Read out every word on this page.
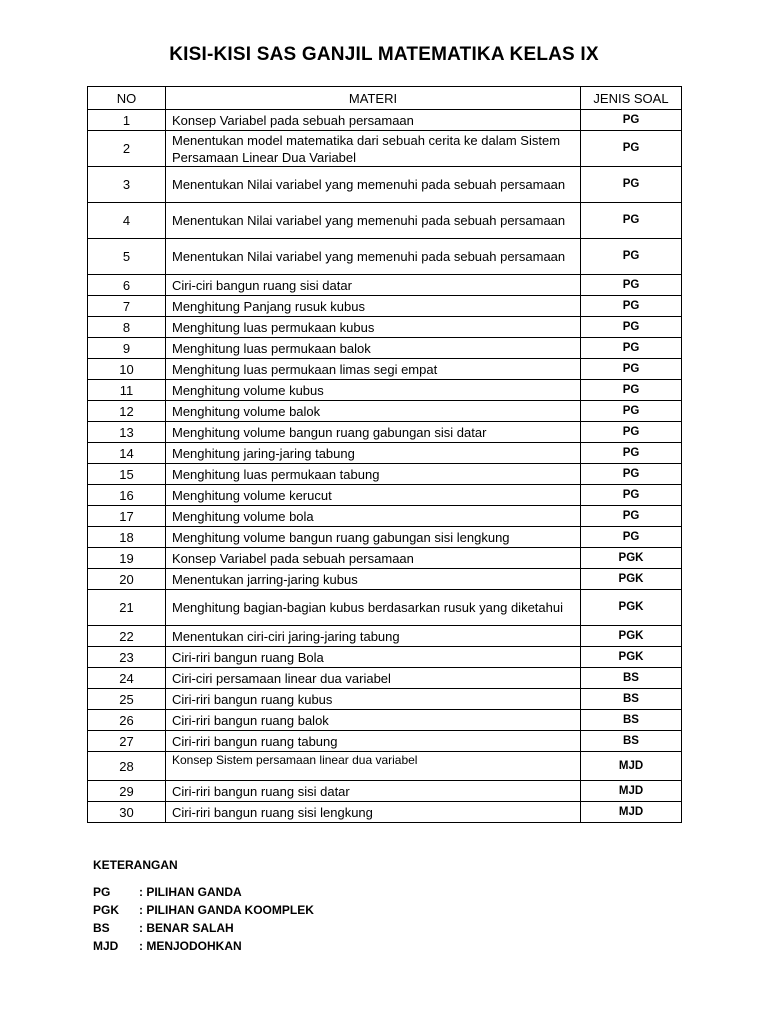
KISI-KISI SAS GANJIL MATEMATIKA KELAS IX
NO	MATERI	JENIS SOAL
1	Konsep Variabel pada sebuah persamaan	PG
2	Menentukan model matematika dari sebuah cerita ke dalam Sistem Persamaan Linear Dua Variabel	PG
3	Menentukan Nilai variabel yang memenuhi pada sebuah persamaan	PG
4	Menentukan Nilai variabel yang memenuhi pada sebuah persamaan	PG
5	Menentukan Nilai variabel yang memenuhi pada sebuah persamaan	PG
6	Ciri-ciri bangun ruang sisi datar	PG
7	Menghitung Panjang rusuk kubus	PG
8	Menghitung luas permukaan kubus	PG
9	Menghitung luas permukaan balok	PG
10	Menghitung luas permukaan limas segi empat	PG
11	Menghitung volume kubus	PG
12	Menghitung volume balok	PG
13	Menghitung volume bangun ruang gabungan sisi datar	PG
14	Menghitung jaring-jaring tabung	PG
15	Menghitung luas permukaan tabung	PG
16	Menghitung volume kerucut	PG
17	Menghitung volume bola	PG
18	Menghitung volume bangun ruang gabungan sisi lengkung	PG
19	Konsep Variabel pada sebuah persamaan	PGK
20	Menentukan jarring-jaring kubus	PGK
21	Menghitung bagian-bagian kubus berdasarkan rusuk yang diketahui	PGK
22	Menentukan ciri-ciri jaring-jaring tabung	PGK
23	Ciri-riri bangun ruang Bola	PGK
24	Ciri-ciri persamaan linear dua variabel	BS
25	Ciri-riri bangun ruang kubus	BS
26	Ciri-riri bangun ruang balok	BS
27	Ciri-riri bangun ruang tabung	BS
28	Konsep Sistem persamaan linear dua variabel	MJD
29	Ciri-riri bangun ruang sisi datar	MJD
30	Ciri-riri bangun ruang sisi lengkung	MJD
KETERANGAN
PG : PILIHAN GANDA
PGK : PILIHAN GANDA KOOMPLEK
BS : BENAR SALAH
MJD : MENJODOHKAN
